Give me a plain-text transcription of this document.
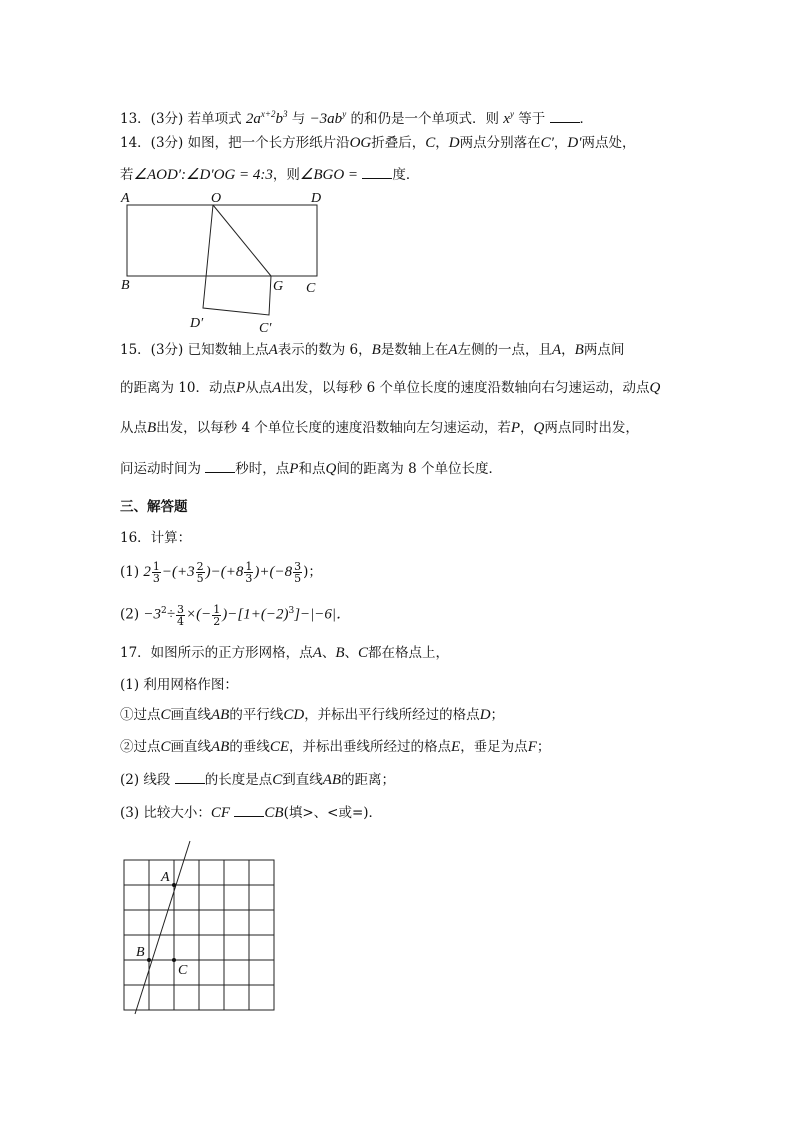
13．(3分) 若单项式 $2a^{x+2}b^3$ 与 $-3ab^y$ 的和仍是一个单项式．则 $x^y$ 等于	．
14．(3分) 如图，把一个长方形纸片沿OG折叠后，C，D两点分别落在C′，D′两点处，
若∠AOD′:∠D′OG = 4:3，则∠BGO =	度．
A	O	D
B	G C
D′	C′
15．(3分) 已知数轴上点A表示的数为 6，B是数轴上在A左侧的一点，且A，B两点间
的距离为 10．动点P从点A出发，以每秒 6 个单位长度的速度沿数轴向右匀速运动，动点Q
从点B出发，以每秒 4 个单位长度的速度沿数轴向左匀速运动，若P，Q两点同时出发，
问运动时间为	秒时，点P和点Q间的距离为 8 个单位长度．
三、解答题
16．计算：
(1) $2 \frac{1}{3} -(+3 \frac{2}{5} )-(+8 \frac{1}{3} )+(-8 \frac{3}{5}$ )；
$(2) -3^2\div \frac{3}{4}$ ×(− $\frac{1}{2} )-[1+(-2)^3]-|-6|$．
17．如图所示的正方形网格，点A、B、C都在格点上，
(1) 利用网格作图：
①过点C画直线AB的平行线CD，并标出平行线所经过的格点D；
②过点C画直线AB的垂线CE，并标出垂线所经过的格点E，垂足为点F；
(2) 线段	的长度是点C到直线AB的距离；
(3) 比较大小：CF CB(填>、<或=)．
A
B
C
